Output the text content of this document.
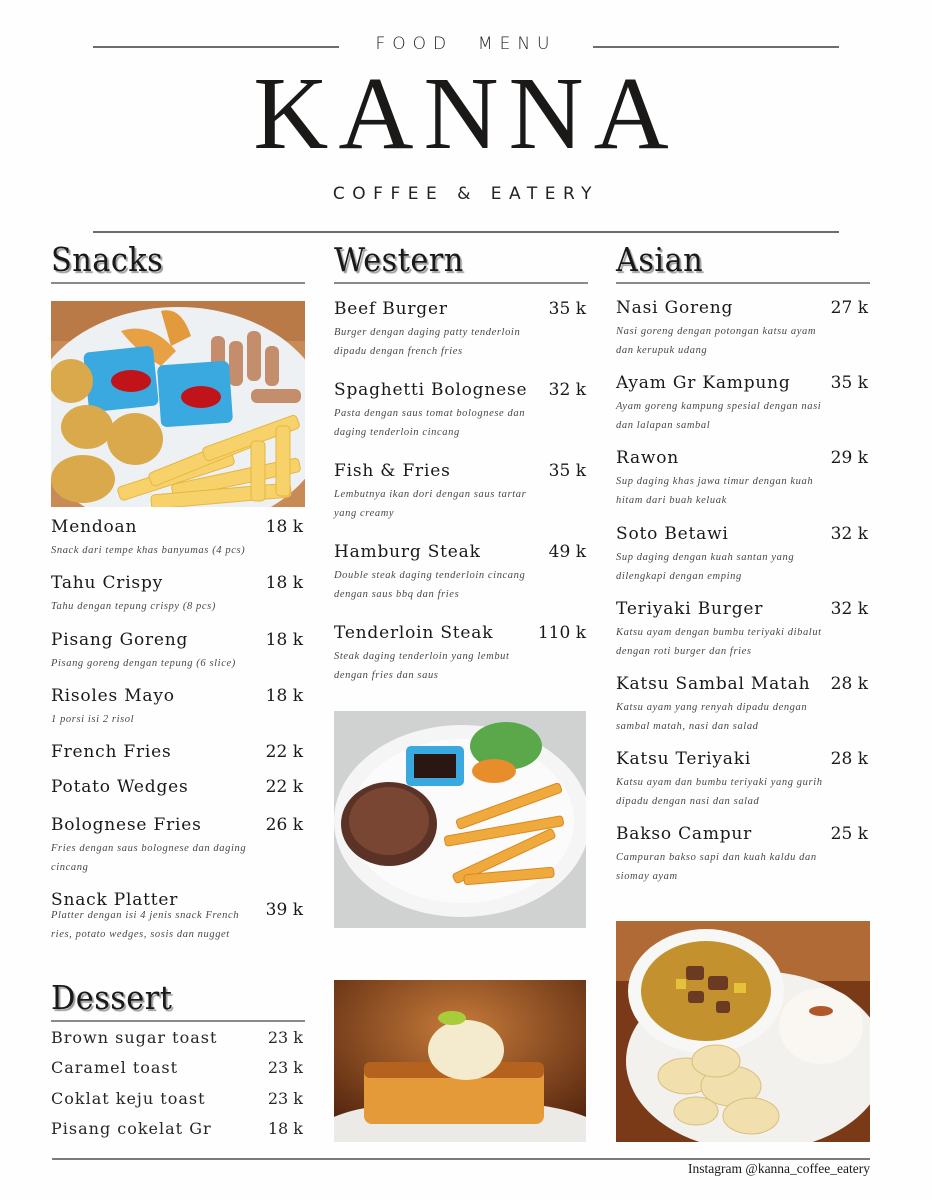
FOOD  MENU
KANNA
COFFEE & EATERY
Snacks
Mendoan	18 k
Snack dari tempe khas banyumas (4 pcs)
Tahu Crispy	18 k
Tahu dengan tepung crispy (8 pcs)
Pisang Goreng	18 k
Pisang goreng dengan tepung (6 slice)
Risoles Mayo	18 k
1 porsi isi 2 risol
French Fries	22 k
Potato Wedges	22 k
Bolognese Fries	26 k
Fries dengan saus bolognese dan daging cincang
Snack Platter	39 k
Platter dengan isi 4 jenis snack French ries, potato wedges, sosis dan nugget
Dessert
Brown sugar toast	23 k
Caramel toast	23 k
Coklat keju toast	23 k
Pisang cokelat Gr	18 k
Western
Beef Burger	35 k
Burger dengan daging patty tenderloin dipadu dengan french fries
Spaghetti Bolognese 32 k
Pasta dengan saus tomat bolognese dan daging tenderloin cincang
Fish & Fries	35 k
Lembutnya ikan dori dengan saus tartar yang creamy
Hamburg Steak	49 k
Double steak daging tenderloin cincang dengan saus bbq dan fries
Tenderloin Steak	110 k
Steak daging tenderloin yang lembut dengan fries dan saus
Asian
Nasi Goreng	27 k
Nasi goreng dengan potongan katsu ayam dan kerupuk udang
Ayam Gr Kampung 35 k
Ayam goreng kampung spesial dengan nasi dan lalapan sambal
Rawon	29 k
Sup daging khas jawa timur dengan kuah hitam dari buah keluak
Soto Betawi	32 k
Sup daging dengan kuah santan yang dilengkapi dengan emping
Teriyaki Burger	32 k
Katsu ayam dengan bumbu teriyaki dibalut dengan roti burger dan fries
Katsu Sambal Matah 28 k
Katsu ayam yang renyah dipadu dengan sambal matah, nasi dan salad
Katsu Teriyaki	28 k
Katsu ayam dan bumbu teriyaki yang gurih dipadu dengan nasi dan salad
Bakso Campur	25 k
Campuran bakso sapi dan kuah kaldu dan siomay ayam
Instagram @kanna_coffee_eatery
